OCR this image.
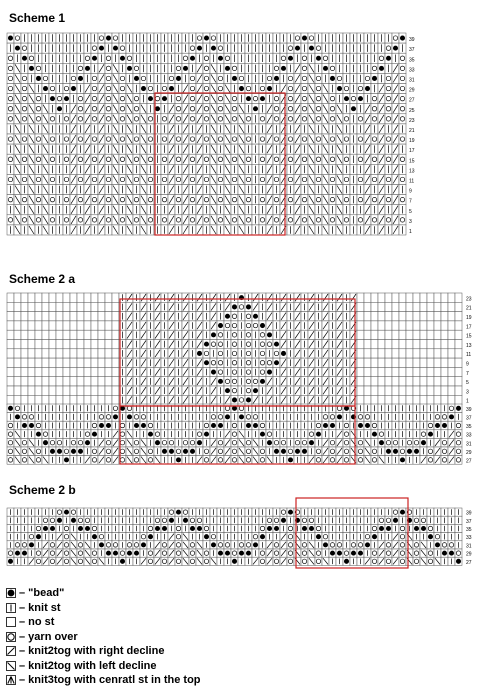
Scheme 1
Scheme 2 a
Scheme 2 b
39
37
35
33
31
29
27
25
23
21
19
17
15
13
11
9
7
5
3
1
23
21
19
17
15
13
11
9
7
5
3
1
39
37
35
33
31
29
27
39
37
35
33
31
29
27
– "bead"
– knit st
– no st
– yarn over
– knit2tog with right decline
– knit2tog with left decline
– knit3tog with cenratl st in the top
